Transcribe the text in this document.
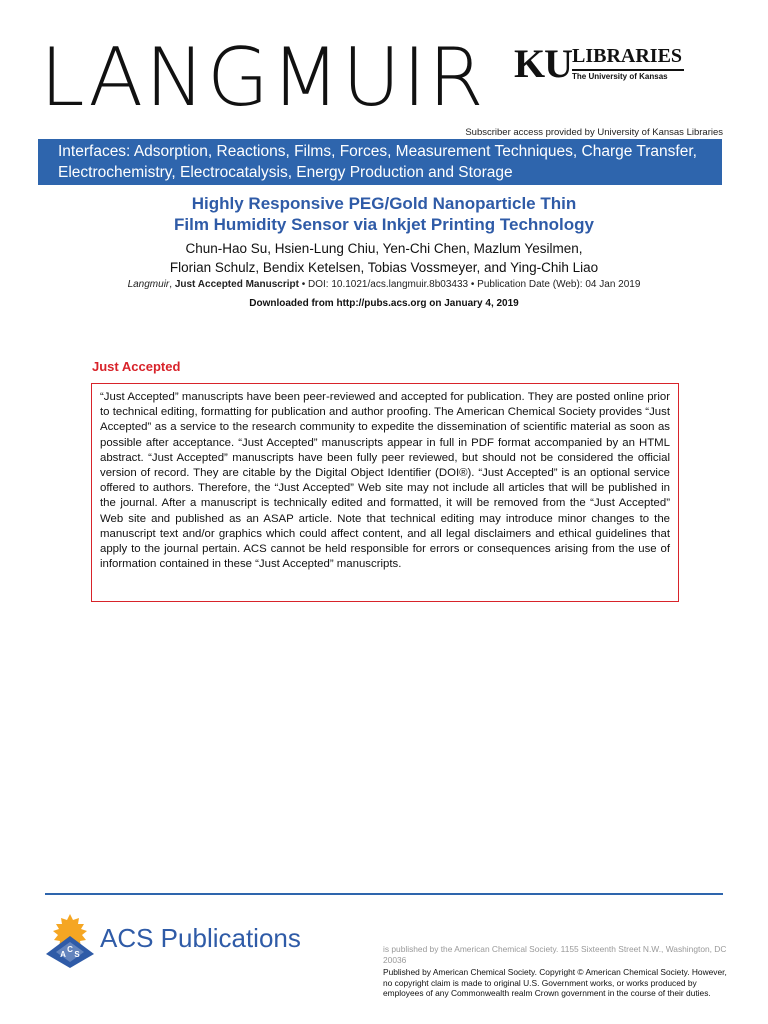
LANGMUIR KU LIBRARIES
The University of Kansas
Subscriber access provided by University of Kansas Libraries
Interfaces: Adsorption, Reactions, Films, Forces, Measurement Techniques, Charge Transfer, Electrochemistry, Electrocatalysis, Energy Production and Storage
Highly Responsive PEG/Gold Nanoparticle Thin
Film Humidity Sensor via Inkjet Printing Technology
Chun-Hao Su, Hsien-Lung Chiu, Yen-Chi Chen, Mazlum Yesilmen,
Florian Schulz, Bendix Ketelsen, Tobias Vossmeyer, and Ying-Chih Liao
Langmuir, Just Accepted Manuscript • DOI: 10.1021/acs.langmuir.8b03433 • Publication Date (Web): 04 Jan 2019
Downloaded from http://pubs.acs.org on January 4, 2019
Just Accepted
“Just Accepted” manuscripts have been peer-reviewed and accepted for publication. They are posted online prior to technical editing, formatting for publication and author proofing. The American Chemical Society provides “Just Accepted” as a service to the research community to expedite the dissemination of scientific material as soon as possible after acceptance. “Just Accepted” manuscripts appear in full in PDF format accompanied by an HTML abstract. “Just Accepted” manuscripts have been fully peer reviewed, but should not be considered the official version of record. They are citable by the Digital Object Identifier (DOI®). “Just Accepted” is an optional service offered to authors. Therefore, the “Just Accepted” Web site may not include all articles that will be published in the journal. After a manuscript is technically edited and formatted, it will be removed from the “Just Accepted” Web site and published as an ASAP article. Note that technical editing may introduce minor changes to the manuscript text and/or graphics which could affect content, and all legal disclaimers and ethical guidelines that apply to the journal pertain. ACS cannot be held responsible for errors or consequences arising from the use of information contained in these “Just Accepted” manuscripts.
A
C
S
ACS Publications	is published by the American Chemical Society. 1155 Sixteenth Street N.W., Washington, DC 20036
Published by American Chemical Society. Copyright © American Chemical Society. However, no copyright claim is made to original U.S. Government works, or works produced by employees of any Commonwealth realm Crown government in the course of their duties.
